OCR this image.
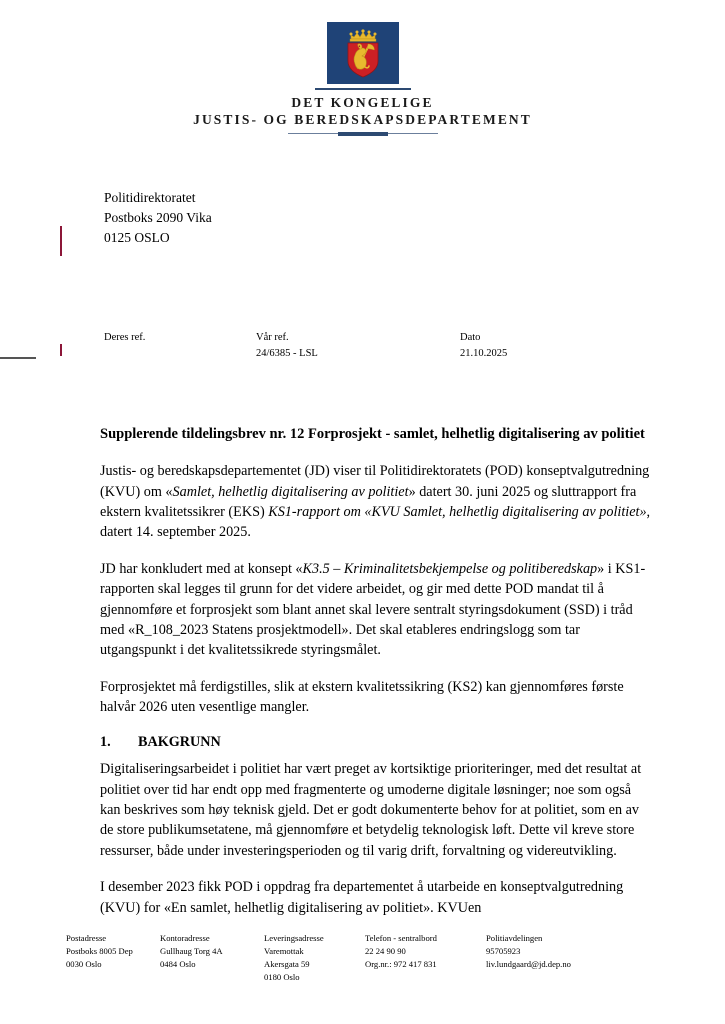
DET KONGELIGE
JUSTIS- OG BEREDSKAPSDEPARTEMENT
Politidirektoratet
Postboks 2090 Vika
0125 OSLO
Deres ref.	Vår ref.
24/6385 - LSL
Dato
21.10.2025
Supplerende tildelingsbrev nr. 12 Forprosjekt - samlet, helhetlig digitalisering av politiet

Justis- og beredskapsdepartementet (JD) viser til Politidirektoratets (POD) konseptvalgutredning (KVU) om «Samlet, helhetlig digitalisering av politiet» datert 30. juni 2025 og sluttrapport fra ekstern kvalitetssikrer (EKS) KS1-rapport om «KVU Samlet, helhetlig digitalisering av politiet», datert 14. september 2025.

JD har konkludert med at konsept «K3.5 – Kriminalitetsbekjempelse og politiberedskap» i KS1-rapporten skal legges til grunn for det videre arbeidet, og gir med dette POD mandat til å gjennomføre et forprosjekt som blant annet skal levere sentralt styringsdokument (SSD) i tråd med «R_108_2023 Statens prosjektmodell». Det skal etableres endringslogg som tar utgangspunkt i det kvalitetssikrede styringsmålet.

Forprosjektet må ferdigstilles, slik at ekstern kvalitetssikring (KS2) kan gjennomføres første halvår 2026 uten vesentlige mangler.

1. BAKGRUNN

Digitaliseringsarbeidet i politiet har vært preget av kortsiktige prioriteringer, med det resultat at politiet over tid har endt opp med fragmenterte og umoderne digitale løsninger; noe som også kan beskrives som høy teknisk gjeld. Det er godt dokumenterte behov for at politiet, som en av de store publikumsetatene, må gjennomføre et betydelig teknologisk løft. Dette vil kreve store ressurser, både under investeringsperioden og til varig drift, forvaltning og videreutvikling.

I desember 2023 fikk POD i oppdrag fra departementet å utarbeide en konseptvalgutredning (KVU) for «En samlet, helhetlig digitalisering av politiet». KVUen

Postadresse
Postboks 8005 Dep
0030 Oslo
Kontoradresse
Gullhaug Torg 4A
0484 Oslo
Leveringsadresse
Varemottak
Akersgata 59
0180 Oslo
Telefon - sentralbord
22 24 90 90
Org.nr.: 972 417 831
Politiavdelingen
95705923
liv.lundgaard@jd.dep.no
